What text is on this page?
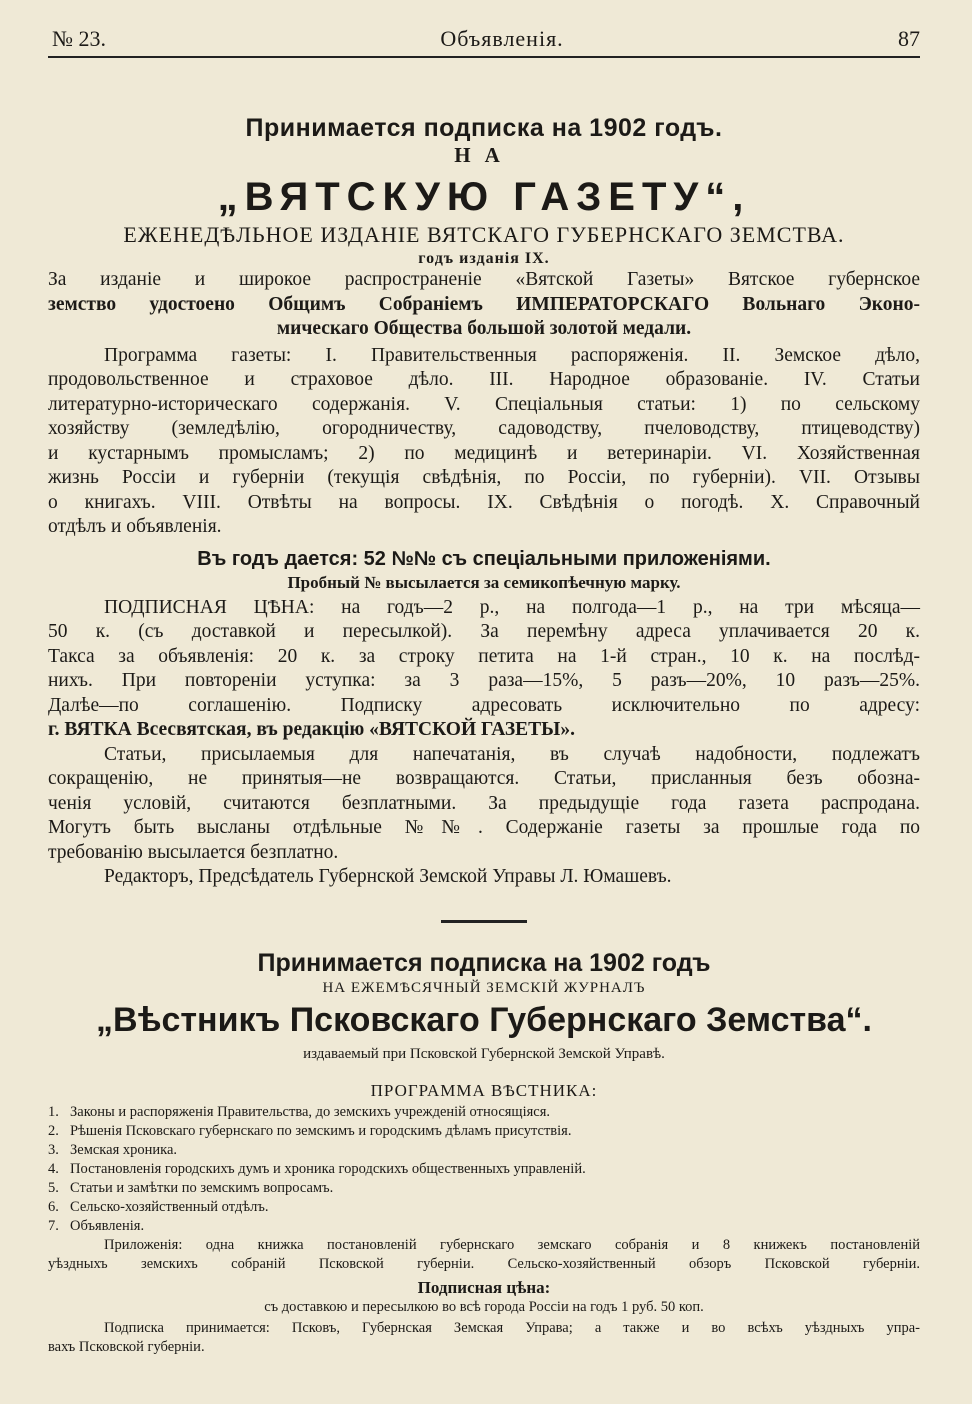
№ 23.	Объявленія.	87
Принимается подписка на 1902 годъ.
НА
„ВЯТСКУЮ ГАЗЕТУ“,
ЕЖЕНЕДѢЛЬНОЕ ИЗДАНІЕ ВЯТСКАГО ГУБЕРНСКАГО ЗЕМСТВА.
годъ изданія IX.

За изданіе и широкое распространеніе «Вятской Газеты» Вятское губернское

земство удостоено Общимъ Собраніемъ ИМПЕРАТОРСКАГО Вольнаго Эконо-

мическаго Общества большой золотой медали.

Программа газеты: I. Правительственныя распоряженія. II. Земское дѣло,

продовольственное и страховое дѣло. III. Народное образованіе. IV. Статьи

литературно-историческаго содержанія. V. Спеціальныя статьи: 1) по сельскому

хозяйству (земледѣлію, огородничеству, садоводству, пчеловодству, птицеводству)

и кустарнымъ промысламъ; 2) по медицинѣ и ветеринаріи. VI. Хозяйственная

жизнь Россіи и губерніи (текущія свѣдѣнія, по Россіи, по губерніи). VII. Отзывы

о книгахъ. VIII. Отвѣты на вопросы. IX. Свѣдѣнія о погодѣ. X. Справочный

отдѣлъ и объявленія.

Въ годъ дается: 52 №№ съ спеціальными приложеніями.
Пробный № высылается за семикопѣечную марку.

ПОДПИСНАЯ ЦѢНА: на годъ—2 р., на полгода—1 р., на три мѣсяца—

50 к. (съ доставкой и пересылкой). За перемѣну адреса уплачивается 20 к.

Такса за объявленія: 20 к. за строку петита на 1-й стран., 10 к. на послѣд-

нихъ. При повтореніи уступка: за 3 раза—15%, 5 разъ—20%, 10 разъ—25%.

Далѣе—по соглашенію. Подписку адресовать исключительно по адресу:

г. ВЯТКА Всесвятская, въ редакцію «ВЯТСКОЙ ГАЗЕТЫ».

Статьи, присылаемыя для напечатанія, въ случаѣ надобности, подлежатъ

сокращенію, не принятыя—не возвращаются. Статьи, присланныя безъ обозна-

ченія условій, считаются безплатными. За предыдущіе года газета распродана.

Могутъ быть высланы отдѣльные №№. Содержаніе газеты за прошлые года по

требованію высылается безплатно.

Редакторъ, Предсѣдатель Губернской Земской Управы Л. Юмашевъ.

Принимается подписка на 1902 годъ
НА ЕЖЕМѢСЯЧНЫЙ ЗЕМСКІЙ ЖУРНАЛЪ
„Вѣстникъ Псковскаго Губернскаго Земства“.
издаваемый при Псковской Губернской Земской Управѣ.
ПРОГРАММА ВѢСТНИКА:
1. Законы и распоряженія Правительства, до земскихъ учрежденій относящіяся.
2. Рѣшенія Псковскаго губернскаго по земскимъ и городскимъ дѣламъ присутствія.
3. Земская хроника.
4. Постановленія городскихъ думъ и хроника городскихъ общественныхъ управленій.
5. Статьи и замѣтки по земскимъ вопросамъ.
6. Сельско-хозяйственный отдѣлъ.
7. Объявленія.

Приложенія: одна книжка постановленій губернскаго земскаго собранія и 8 книжекъ постановленій

уѣздныхъ земскихъ собраній Псковской губерніи. Сельско-хозяйственный обзоръ Псковской губерніи.

Подписная цѣна:
съ доставкою и пересылкою во всѣ города Россіи на годъ 1 руб. 50 коп.

Подписка принимается: Псковъ, Губернская Земская Управа; а также и во всѣхъ уѣздныхъ упра-

вахъ Псковской губерніи.
